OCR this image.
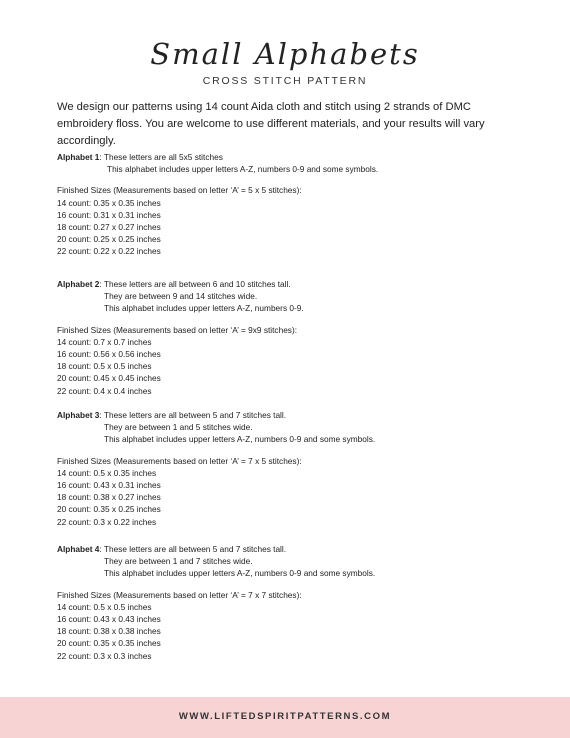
Small Alphabets
CROSS STITCH PATTERN

We design our patterns using 14 count Aida cloth and stitch using 2 strands of DMC embroidery floss. You are welcome to use different materials, and your results will vary accordingly.

Alphabet 1: These letters are all 5x5 stitches

This alphabet includes upper letters A-Z, numbers 0-9 and some symbols.

Finished Sizes (Measurements based on letter ‘A’ = 5 x 5 stitches):

14 count: 0.35 x 0.35 inches

16 count: 0.31 x 0.31 inches

18 count: 0.27 x 0.27 inches

20 count: 0.25 x 0.25 inches

22 count: 0.22 x 0.22 inches

Alphabet 2: These letters are all between 6 and 10 stitches tall.

They are between 9 and 14 stitches wide.

This alphabet includes upper letters A-Z, numbers 0-9.

Finished Sizes (Measurements based on letter ‘A’ = 9x9 stitches):

14 count: 0.7 x 0.7 inches

16 count: 0.56 x 0.56 inches

18 count: 0.5 x 0.5 inches

20 count: 0.45 x 0.45 inches

22 count: 0.4 x 0.4 inches

Alphabet 3: These letters are all between 5 and 7 stitches tall.

They are between 1 and 5 stitches wide.

This alphabet includes upper letters A-Z, numbers 0-9 and some symbols.

Finished Sizes (Measurements based on letter ‘A’ = 7 x 5 stitches):

14 count: 0.5 x 0.35 inches

16 count: 0.43 x 0.31 inches

18 count: 0.38 x 0.27 inches

20 count: 0.35 x 0.25 inches

22 count: 0.3 x 0.22 inches

Alphabet 4: These letters are all between 5 and 7 stitches tall.

They are between 1 and 7 stitches wide.

This alphabet includes upper letters A-Z, numbers 0-9 and some symbols.

Finished Sizes (Measurements based on letter ‘A’ = 7 x 7 stitches):

14 count: 0.5 x 0.5 inches

16 count: 0.43 x 0.43 inches

18 count: 0.38 x 0.38 inches

20 count: 0.35 x 0.35 inches

22 count: 0.3 x 0.3 inches

WWW.LIFTEDSPIRITPATTERNS.COM
